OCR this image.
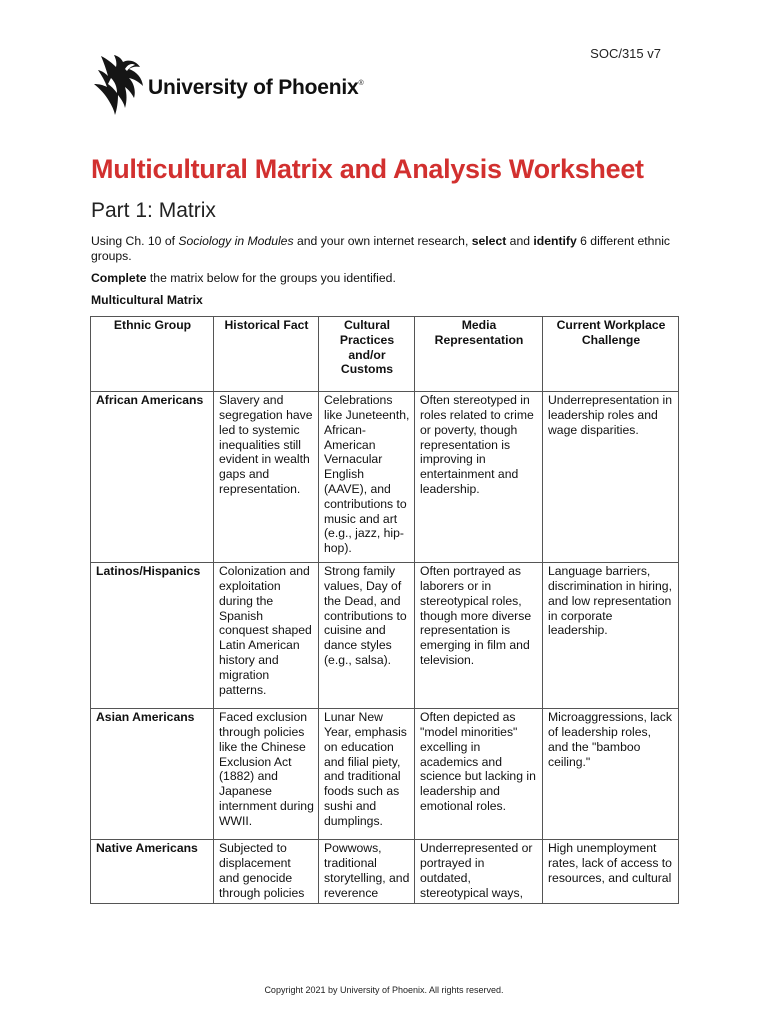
SOC/315 v7
University of Phoenix®
Multicultural Matrix and Analysis Worksheet
Part 1: Matrix

Using Ch. 10 of Sociology in Modules and your own internet research, select and identify 6 different ethnic groups.

Complete the matrix below for the groups you identified.

Multicultural Matrix

Ethnic Group	Historical Fact	Cultural Practices and/or Customs	Media Representation	Current Workplace Challenge
African Americans	Slavery and segregation have led to systemic inequalities still evident in wealth gaps and representation.	Celebrations like Juneteenth, African-American Vernacular English (AAVE), and contributions to music and art (e.g., jazz, hip-hop).	Often stereotyped in roles related to crime or poverty, though representation is improving in entertainment and leadership.	Underrepresentation in leadership roles and wage disparities.
Latinos/Hispanics	Colonization and exploitation during the Spanish conquest shaped Latin American history and migration patterns.	Strong family values, Day of the Dead, and contributions to cuisine and dance styles (e.g., salsa).	Often portrayed as laborers or in stereotypical roles, though more diverse representation is emerging in film and television.	Language barriers, discrimination in hiring, and low representation in corporate leadership.
Asian Americans	Faced exclusion through policies like the Chinese Exclusion Act (1882) and Japanese internment during WWII.	Lunar New Year, emphasis on education and filial piety, and traditional foods such as sushi and dumplings.	Often depicted as "model minorities" excelling in academics and science but lacking in leadership and emotional roles.	Microaggressions, lack of leadership roles, and the "bamboo ceiling."
Native Americans	Subjected to displacement and genocide through policies	Powwows, traditional storytelling, and reverence	Underrepresented or portrayed in outdated, stereotypical ways,	High unemployment rates, lack of access to resources, and cultural
Copyright 2021 by University of Phoenix. All rights reserved.
